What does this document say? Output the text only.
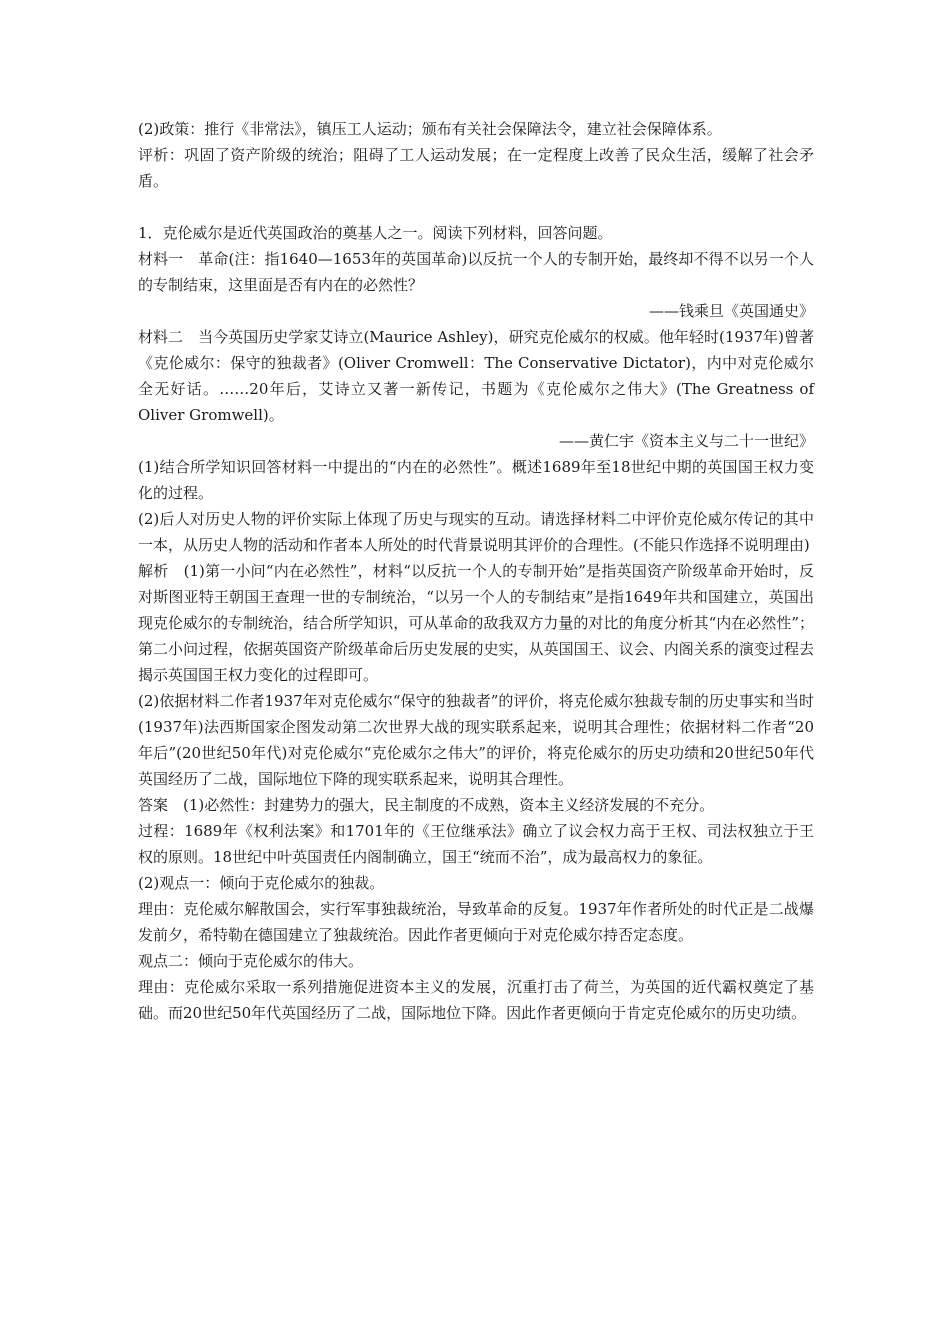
(2)政策：推行《非常法》，镇压工人运动；颁布有关社会保障法令，建立社会保障体系。

评析：巩固了资产阶级的统治；阻碍了工人运动发展；在一定程度上改善了民众生活，缓解了社会矛盾。

1．克伦威尔是近代英国政治的奠基人之一。阅读下列材料，回答问题。

材料一　革命(注：指1640—1653年的英国革命)以反抗一个人的专制开始，最终却不得不以另一个人的专制结束，这里面是否有内在的必然性？

——钱乘旦《英国通史》

材料二　当今英国历史学家艾诗立(Maurice Ashley)，研究克伦威尔的权威。他年轻时(1937年)曾著《克伦威尔：保守的独裁者》(Oliver Cromwell：The Conservative Dictator)，内中对克伦威尔全无好话。……20年后，艾诗立又著一新传记，书题为《克伦威尔之伟大》(The Greatness of Oliver Gromwell)。

——黄仁宇《资本主义与二十一世纪》

(1)结合所学知识回答材料一中提出的“内在的必然性”。概述1689年至18世纪中期的英国国王权力变化的过程。

(2)后人对历史人物的评价实际上体现了历史与现实的互动。请选择材料二中评价克伦威尔传记的其中一本，从历史人物的活动和作者本人所处的时代背景说明其评价的合理性。(不能只作选择不说明理由)

解析　(1)第一小问“内在必然性”，材料“以反抗一个人的专制开始”是指英国资产阶级革命开始时，反对斯图亚特王朝国王查理一世的专制统治，“以另一个人的专制结束”是指1649年共和国建立，英国出现克伦威尔的专制统治，结合所学知识，可从革命的敌我双方力量的对比的角度分析其“内在必然性”；第二小问过程，依据英国资产阶级革命后历史发展的史实，从英国国王、议会、内阁关系的演变过程去揭示英国国王权力变化的过程即可。

(2)依据材料二作者1937年对克伦威尔“保守的独裁者”的评价，将克伦威尔独裁专制的历史事实和当时(1937年)法西斯国家企图发动第二次世界大战的现实联系起来，说明其合理性；依据材料二作者“20年后”(20世纪50年代)对克伦威尔“克伦威尔之伟大”的评价，将克伦威尔的历史功绩和20世纪50年代英国经历了二战，国际地位下降的现实联系起来，说明其合理性。

答案　(1)必然性：封建势力的强大，民主制度的不成熟，资本主义经济发展的不充分。

过程：1689年《权利法案》和1701年的《王位继承法》确立了议会权力高于王权、司法权独立于王权的原则。18世纪中叶英国责任内阁制确立，国王“统而不治”，成为最高权力的象征。

(2)观点一：倾向于克伦威尔的独裁。

理由：克伦威尔解散国会，实行军事独裁统治，导致革命的反复。1937年作者所处的时代正是二战爆发前夕，希特勒在德国建立了独裁统治。因此作者更倾向于对克伦威尔持否定态度。

观点二：倾向于克伦威尔的伟大。

理由：克伦威尔采取一系列措施促进资本主义的发展，沉重打击了荷兰，为英国的近代霸权奠定了基础。而20世纪50年代英国经历了二战，国际地位下降。因此作者更倾向于肯定克伦威尔的历史功绩。
